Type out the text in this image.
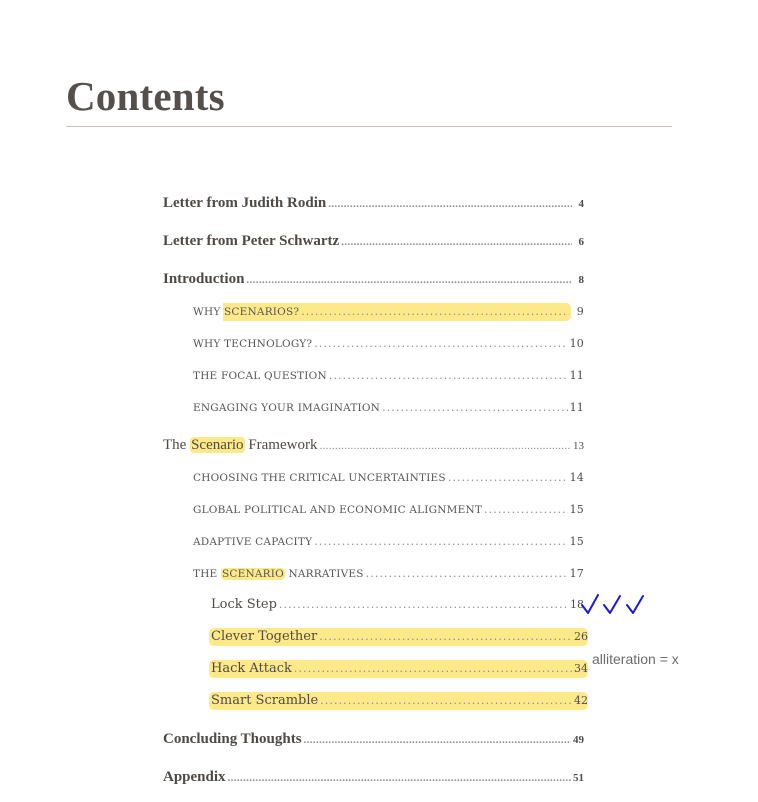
Contents
Letter from Judith Rodin . . .	4
Letter from Peter Schwartz . . .	6
Introduction . . .	8
WHY SCENARIOS? . . .	9
WHY TECHNOLOGY? . . .	10
THE FOCAL QUESTION . . .	11
ENGAGING YOUR IMAGINATION . . .	11
The Scenario Framework . . .	13
CHOOSING THE CRITICAL UNCERTAINTIES . . .	14
GLOBAL POLITICAL AND ECONOMIC ALIGNMENT . . .	15
ADAPTIVE CAPACITY . . .	15
THE SCENARIO NARRATIVES . . .	17
Lock Step . . .	18
Clever Together . . .	26
Hack Attack . . .	34
Smart Scramble . . .	42
Concluding Thoughts . . .	49
Appendix . . .	51
alliteration = x
